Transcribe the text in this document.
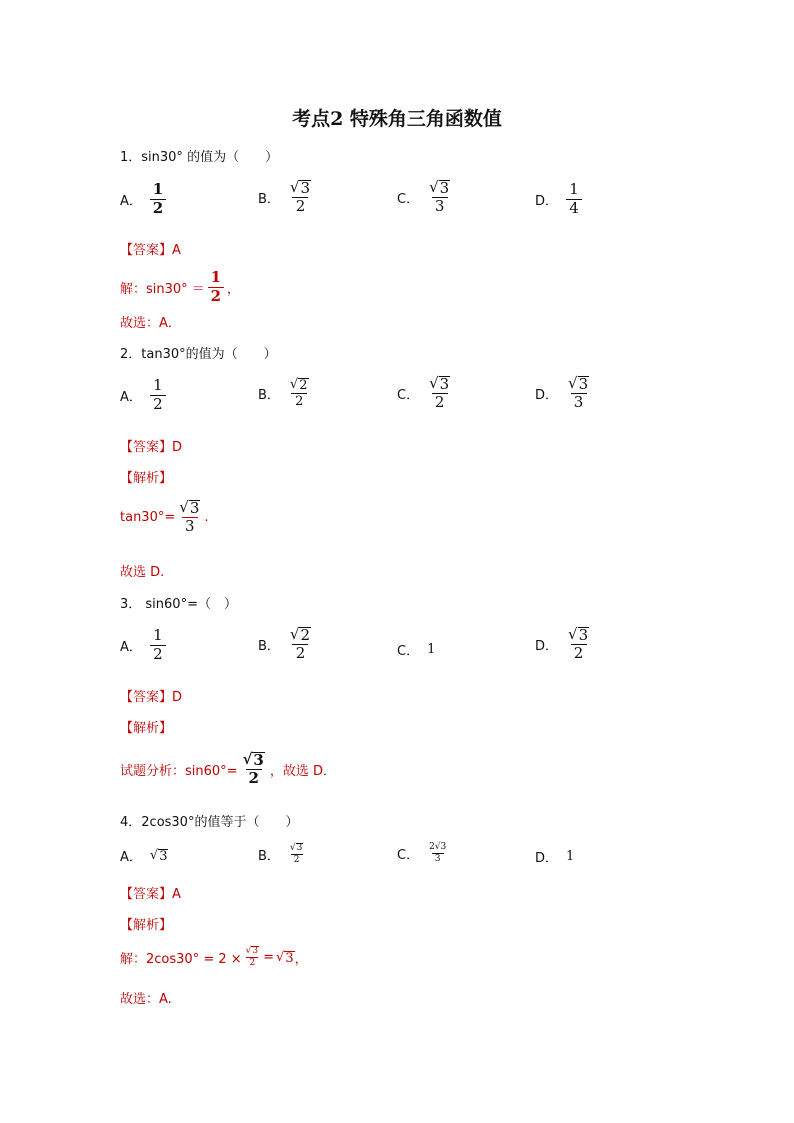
考点2 特殊角三角函数值
1．sin30° 的值为（　　）
A． $\frac{1}{2}$	B． $\frac{√ 3}{2}$	C． $\frac{√ 3}{3}$	D． $\frac{1}{4}$
【答案】A
解：$\sin 30^\circ = \frac{1}{2}$ ，
故选：A．
2．tan30°的值为（　　）
A． $\frac{1}{2}$	B． $\frac{√ 2}{2}$	C． $\frac{√ 3}{2}$	D． $\frac{√ 3}{3}$
【答案】D
【解析】
$\tan 30^\circ= \frac{√ 3}{3}$ .
故选 D.
3． sin60°=（　）
A． $\frac{1}{2}$	B． $\frac{√ 2}{2}$	C． 1	D． $\frac{√ 3}{2}$
【答案】D
【解析】
试题分析：$\sin 60^\circ= \frac{√ 3}{2}$ ，故选 D．
4．2cos30°的值等于（　　）
A． √ 3	B． $\frac{√ 3}{2}$	C． $\frac{2√3}{3}$	D． 1
【答案】A
【解析】
解：$2\cos 30^\circ = 2 \times \frac{√ 3}{2}$ = √ 3 ，
故选：A.
